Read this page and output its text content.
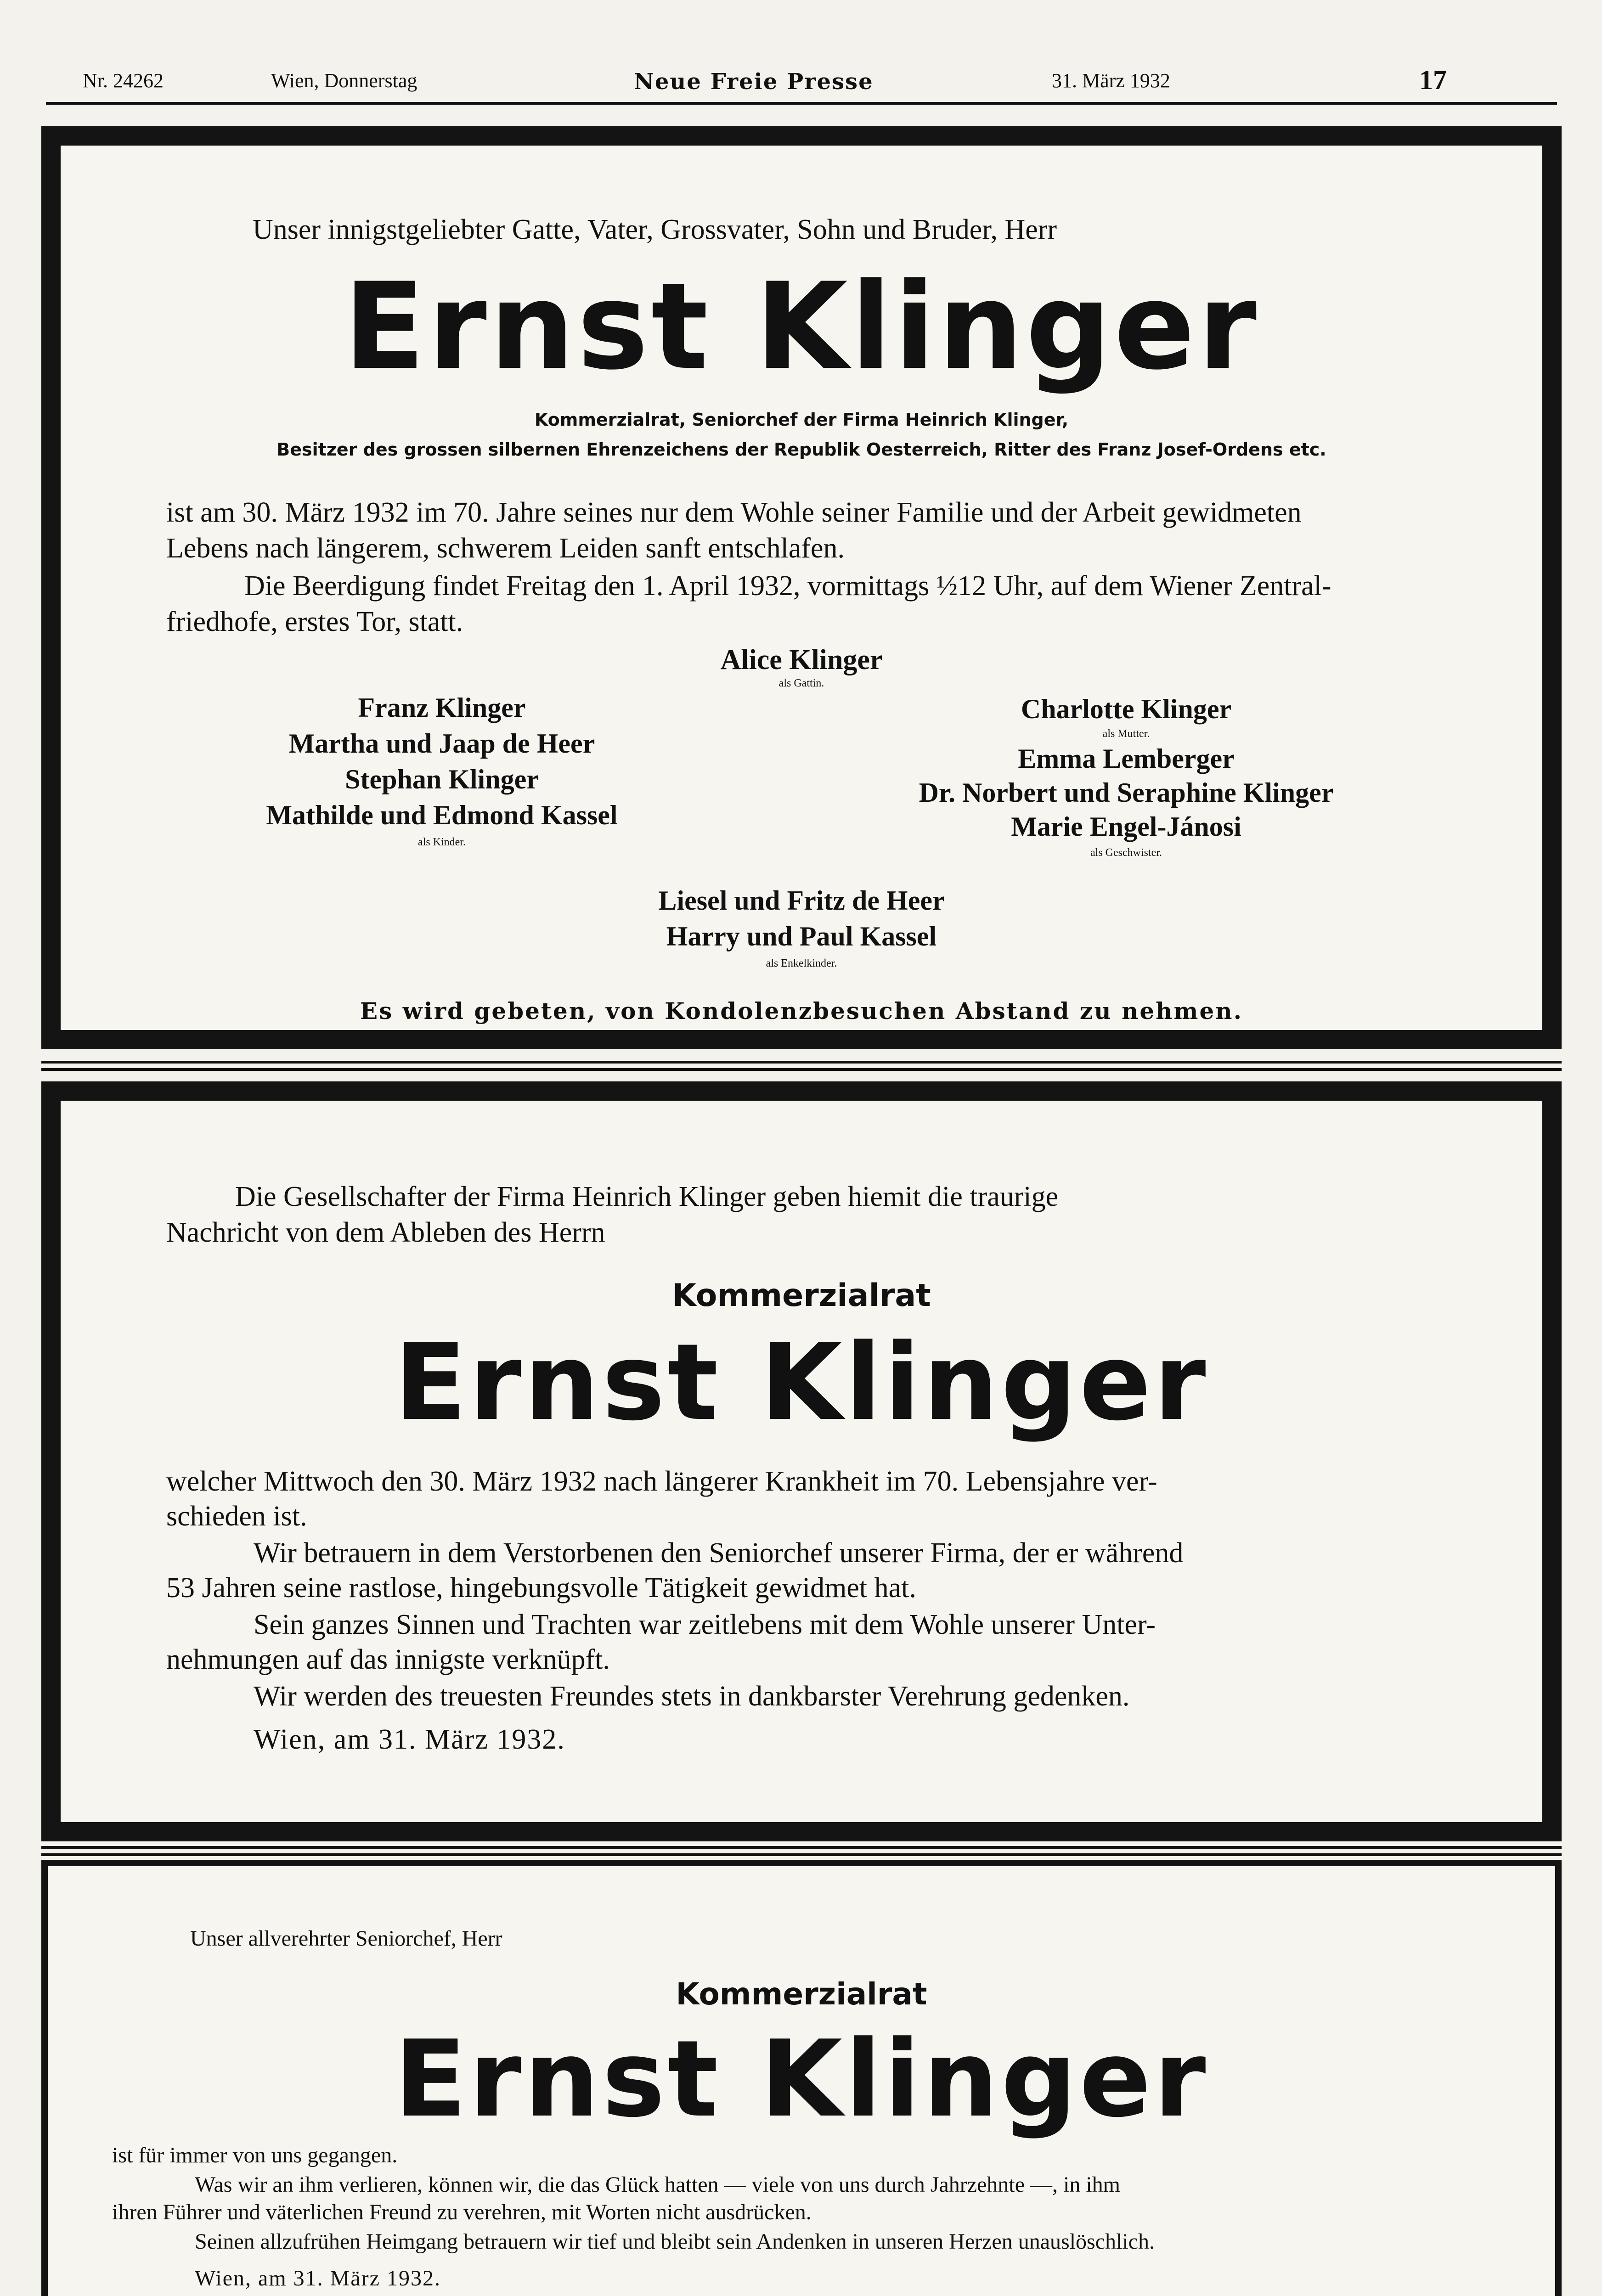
Nr. 24262	Wien, Donnerstag	Neue Freie Presse	31. März 1932	17
Unser innigstgeliebter Gatte, Vater, Grossvater, Sohn und Bruder, Herr
Ernst Klinger
Kommerzialrat, Seniorchef der Firma Heinrich Klinger,
Besitzer des grossen silbernen Ehrenzeichens der Republik Oesterreich, Ritter des Franz Josef-Ordens etc.
ist am 30. März 1932 im 70. Jahre seines nur dem Wohle seiner Familie und der Arbeit gewidmeten
Lebens nach längerem, schwerem Leiden sanft entschlafen.
Die Beerdigung findet Freitag den 1. April 1932, vormittags ½12 Uhr, auf dem Wiener Zentral-
friedhofe, erstes Tor, statt.
Alice Klinger
als Gattin.
Franz Klinger
Martha und Jaap de Heer
Stephan Klinger
Mathilde und Edmond Kassel
als Kinder.
Charlotte Klinger
als Mutter.
Emma Lemberger
Dr. Norbert und Seraphine Klinger
Marie Engel-Jánosi
als Geschwister.
Liesel und Fritz de Heer
Harry und Paul Kassel
als Enkelkinder.
Es wird gebeten, von Kondolenzbesuchen Abstand zu nehmen.
Die Gesellschafter der Firma Heinrich Klinger geben hiemit die traurige
Nachricht von dem Ableben des Herrn
Kommerzialrat
Ernst Klinger
welcher Mittwoch den 30. März 1932 nach längerer Krankheit im 70. Lebensjahre ver-
schieden ist.
Wir betrauern in dem Verstorbenen den Seniorchef unserer Firma, der er während
53 Jahren seine rastlose, hingebungsvolle Tätigkeit gewidmet hat.
Sein ganzes Sinnen und Trachten war zeitlebens mit dem Wohle unserer Unter-
nehmungen auf das innigste verknüpft.
Wir werden des treuesten Freundes stets in dankbarster Verehrung gedenken.
Wien, am 31. März 1932.
Unser allverehrter Seniorchef, Herr
Kommerzialrat
Ernst Klinger
ist für immer von uns gegangen.
Was wir an ihm verlieren, können wir, die das Glück hatten — viele von uns durch Jahrzehnte —, in ihm
ihren Führer und väterlichen Freund zu verehren, mit Worten nicht ausdrücken.
Seinen allzufrühen Heimgang betrauern wir tief und bleibt sein Andenken in unseren Herzen unauslöschlich.
Wien, am 31. März 1932.
